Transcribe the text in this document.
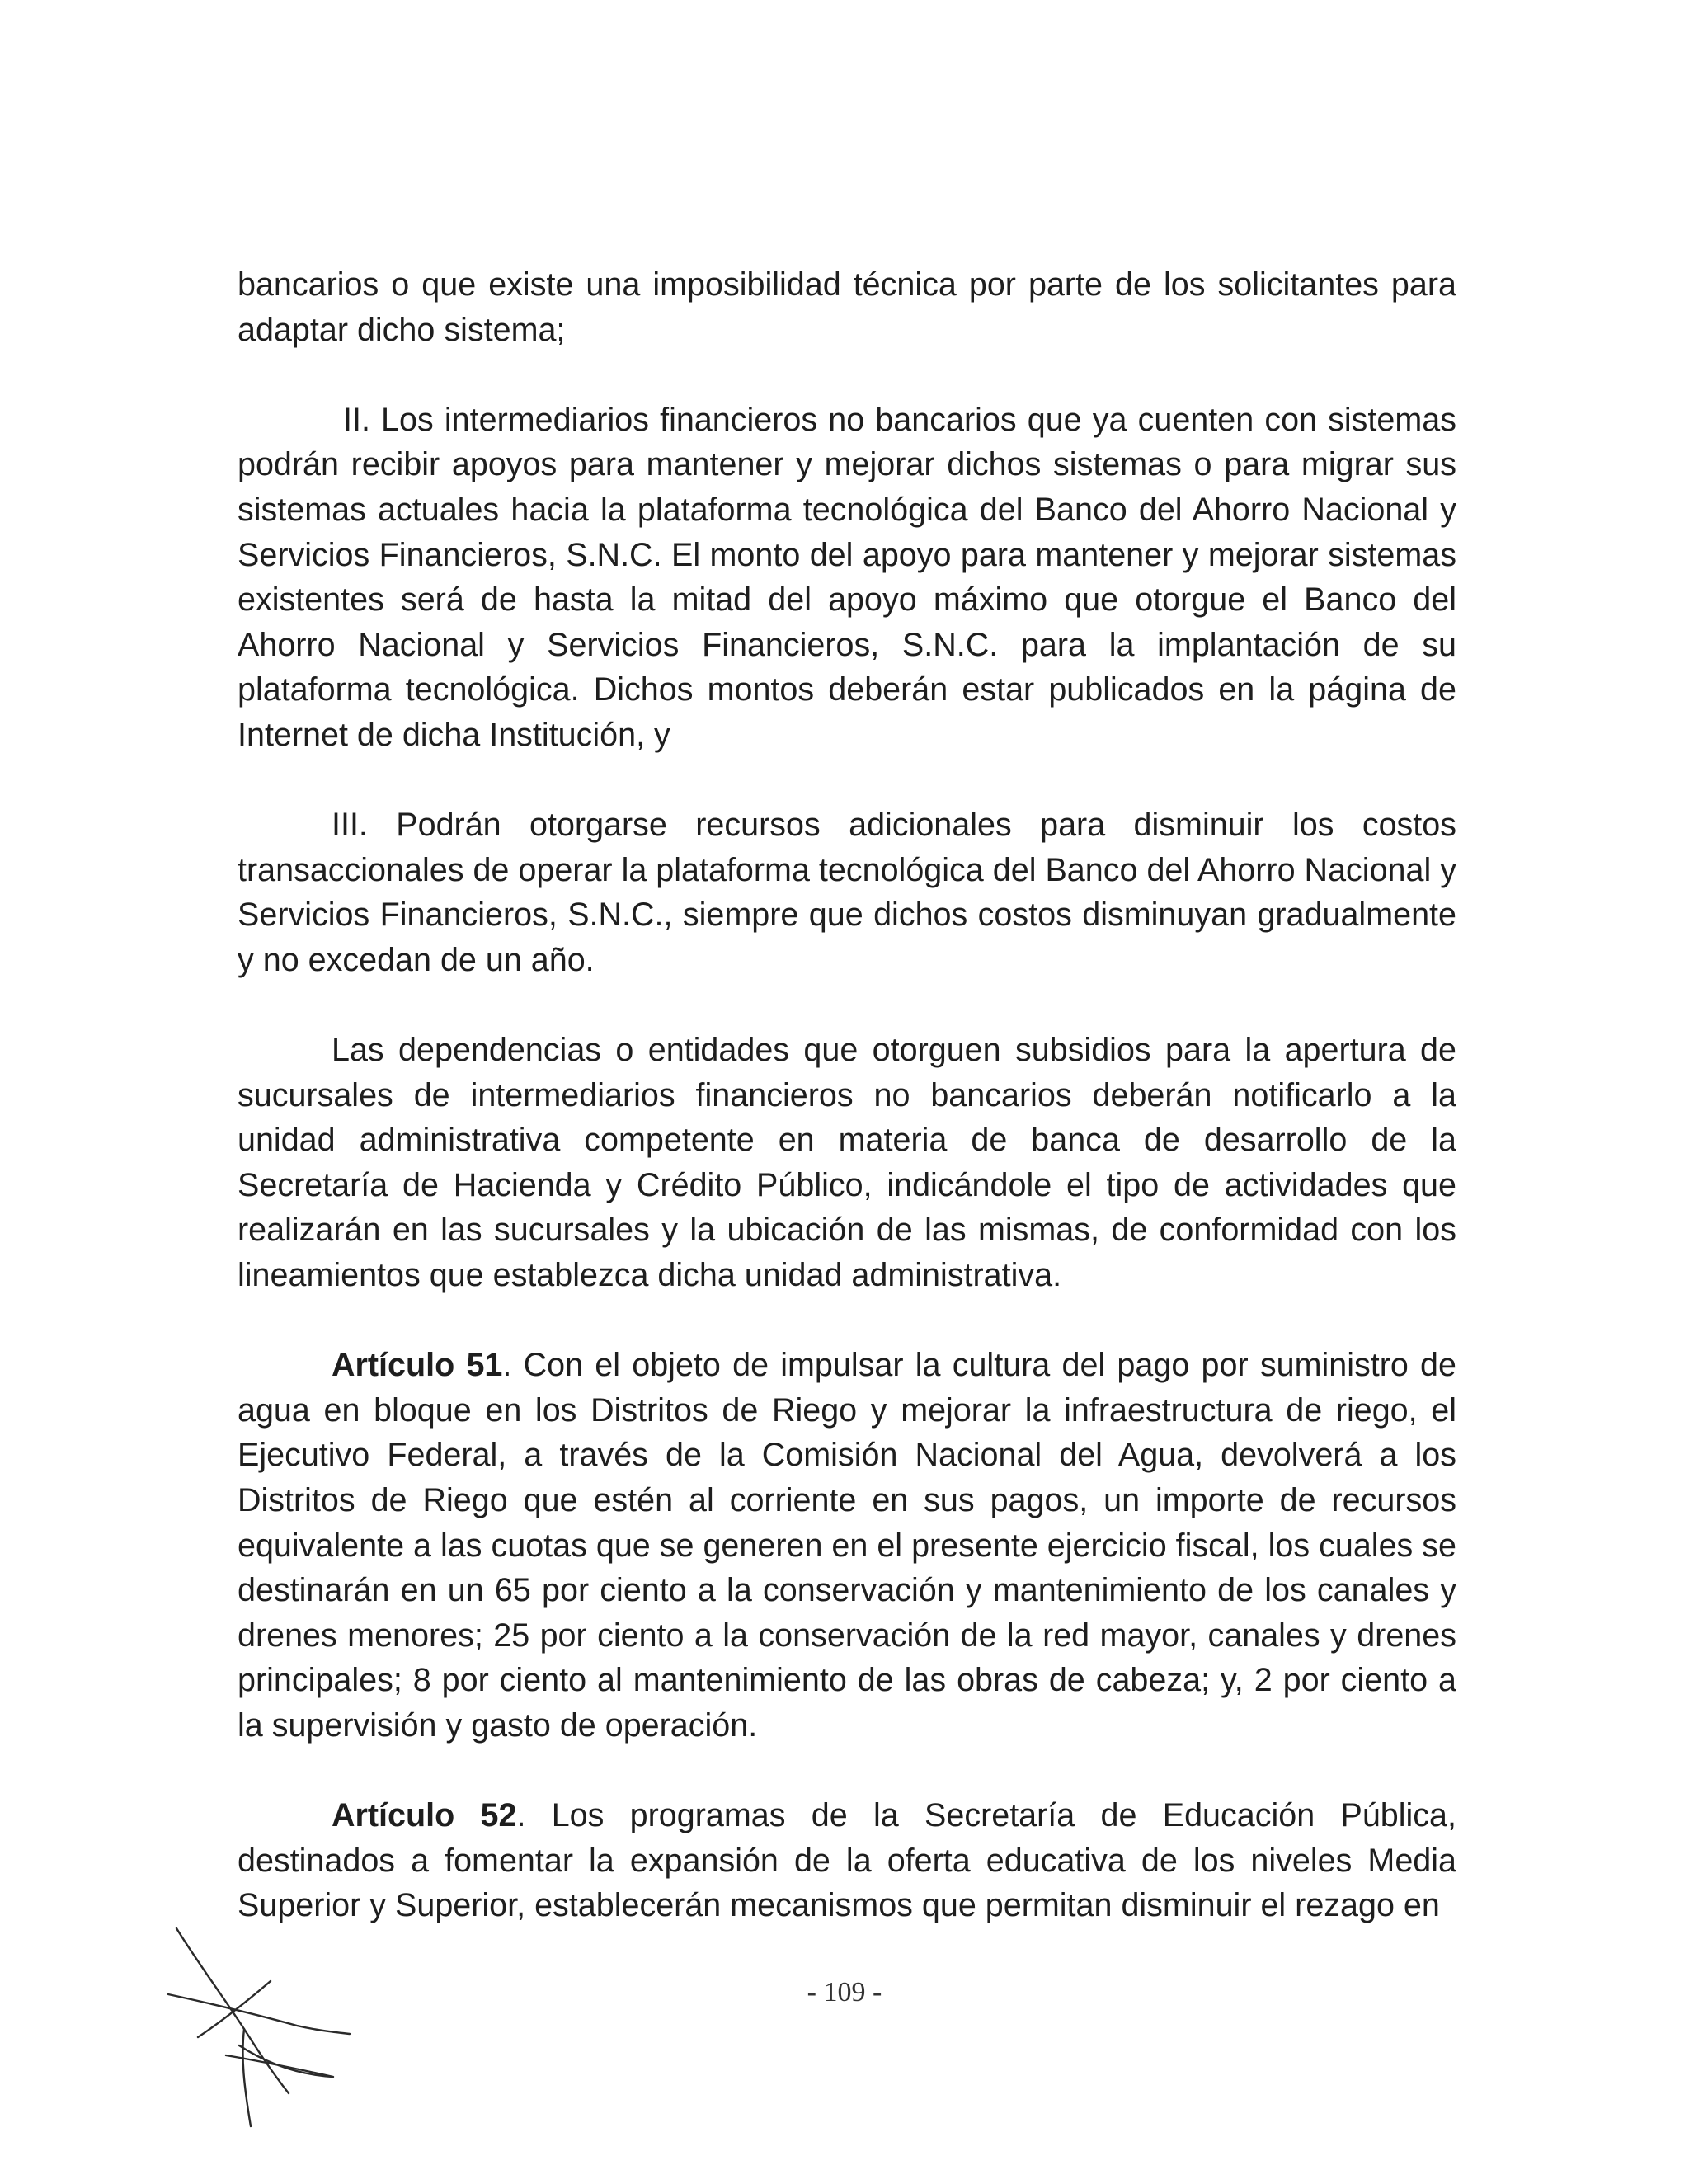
bancarios o que existe una imposibilidad técnica por parte de los solicitantes para adaptar dicho sistema;

II. Los intermediarios financieros no bancarios que ya cuenten con sistemas podrán recibir apoyos para mantener y mejorar dichos sistemas o para migrar sus sistemas actuales hacia la plataforma tecnológica del Banco del Ahorro Nacional y Servicios Financieros, S.N.C. El monto del apoyo para mantener y mejorar sistemas existentes será de hasta la mitad del apoyo máximo que otorgue el Banco del Ahorro Nacional y Servicios Financieros, S.N.C. para la implantación de su plataforma tecnológica. Dichos montos deberán estar publicados en la página de Internet de dicha Institución, y

III. Podrán otorgarse recursos adicionales para disminuir los costos transaccionales de operar la plataforma tecnológica del Banco del Ahorro Nacional y Servicios Financieros, S.N.C., siempre que dichos costos disminuyan gradualmente y no excedan de un año.

Las dependencias o entidades que otorguen subsidios para la apertura de sucursales de intermediarios financieros no bancarios deberán notificarlo a la unidad administrativa competente en materia de banca de desarrollo de la Secretaría de Hacienda y Crédito Público, indicándole el tipo de actividades que realizarán en las sucursales y la ubicación de las mismas, de conformidad con los lineamientos que establezca dicha unidad administrativa.

Artículo 51. Con el objeto de impulsar la cultura del pago por suministro de agua en bloque en los Distritos de Riego y mejorar la infraestructura de riego, el Ejecutivo Federal, a través de la Comisión Nacional del Agua, devolverá a los Distritos de Riego que estén al corriente en sus pagos, un importe de recursos equivalente a las cuotas que se generen en el presente ejercicio fiscal, los cuales se destinarán en un 65 por ciento a la conservación y mantenimiento de los canales y drenes menores; 25 por ciento a la conservación de la red mayor, canales y drenes principales; 8 por ciento al mantenimiento de las obras de cabeza; y, 2 por ciento a la supervisión y gasto de operación.

Artículo 52. Los programas de la Secretaría de Educación Pública, destinados a fomentar la expansión de la oferta educativa de los niveles Media Superior y Superior, establecerán mecanismos que permitan disminuir el rezago en

- 109 -
